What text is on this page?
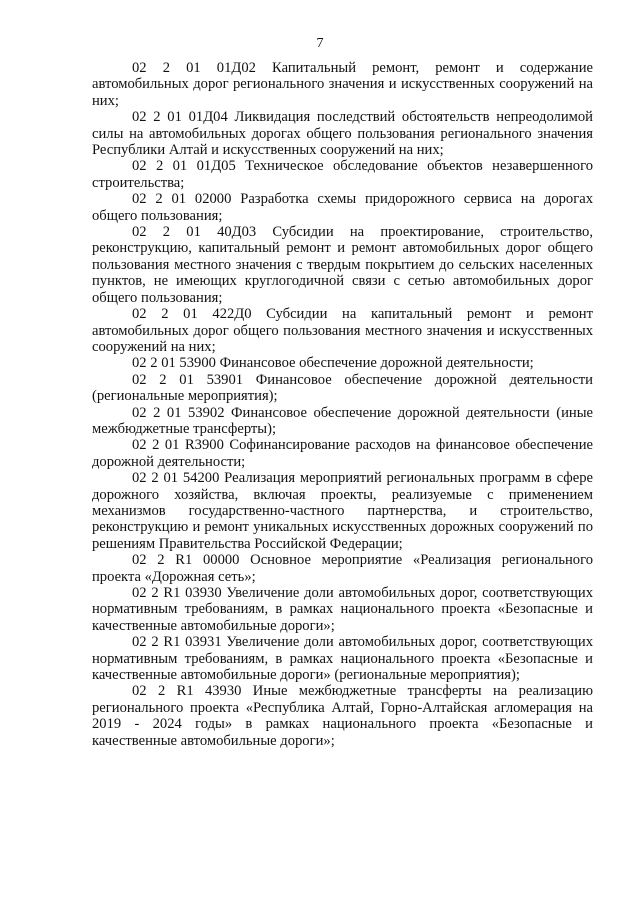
7

02 2 01 01Д02 Капитальный ремонт, ремонт и содержание автомобильных дорог регионального значения и искусственных сооружений на них;

02 2 01 01Д04 Ликвидация последствий обстоятельств непреодолимой силы на автомобильных дорогах общего пользования регионального значения Республики Алтай и искусственных сооружений на них;

02 2 01 01Д05 Техническое обследование объектов незавершенного строительства;

02 2 01 02000 Разработка схемы придорожного сервиса на дорогах общего пользования;

02 2 01 40Д03 Субсидии на проектирование, строительство, реконструкцию, капитальный ремонт и ремонт автомобильных дорог общего пользования местного значения с твердым покрытием до сельских населенных пунктов, не имеющих круглогодичной связи с сетью автомобильных дорог общего пользования;

02 2 01 422Д0 Субсидии на капитальный ремонт и ремонт автомобильных дорог общего пользования местного значения и искусственных сооружений на них;

02 2 01 53900 Финансовое обеспечение дорожной деятельности;

02 2 01 53901 Финансовое обеспечение дорожной деятельности (региональные мероприятия);

02 2 01 53902 Финансовое обеспечение дорожной деятельности (иные межбюджетные трансферты);

02 2 01 R3900 Софинансирование расходов на финансовое обеспечение дорожной деятельности;

02 2 01 54200 Реализация мероприятий региональных программ в сфере дорожного хозяйства, включая проекты, реализуемые с применением механизмов государственно-частного партнерства, и строительство, реконструкцию и ремонт уникальных искусственных дорожных сооружений по решениям Правительства Российской Федерации;

02 2 R1 00000 Основное мероприятие «Реализация регионального проекта «Дорожная сеть»;

02 2 R1 03930 Увеличение доли автомобильных дорог, соответствующих нормативным требованиям, в рамках национального проекта «Безопасные и качественные автомобильные дороги»;

02 2 R1 03931 Увеличение доли автомобильных дорог, соответствующих нормативным требованиям, в рамках национального проекта «Безопасные и качественные автомобильные дороги» (региональные мероприятия);

02 2 R1 43930 Иные межбюджетные трансферты на реализацию регионального проекта «Республика Алтай, Горно-Алтайская агломерация на 2019 - 2024 годы» в рамках национального проекта «Безопасные и качественные автомобильные дороги»;
